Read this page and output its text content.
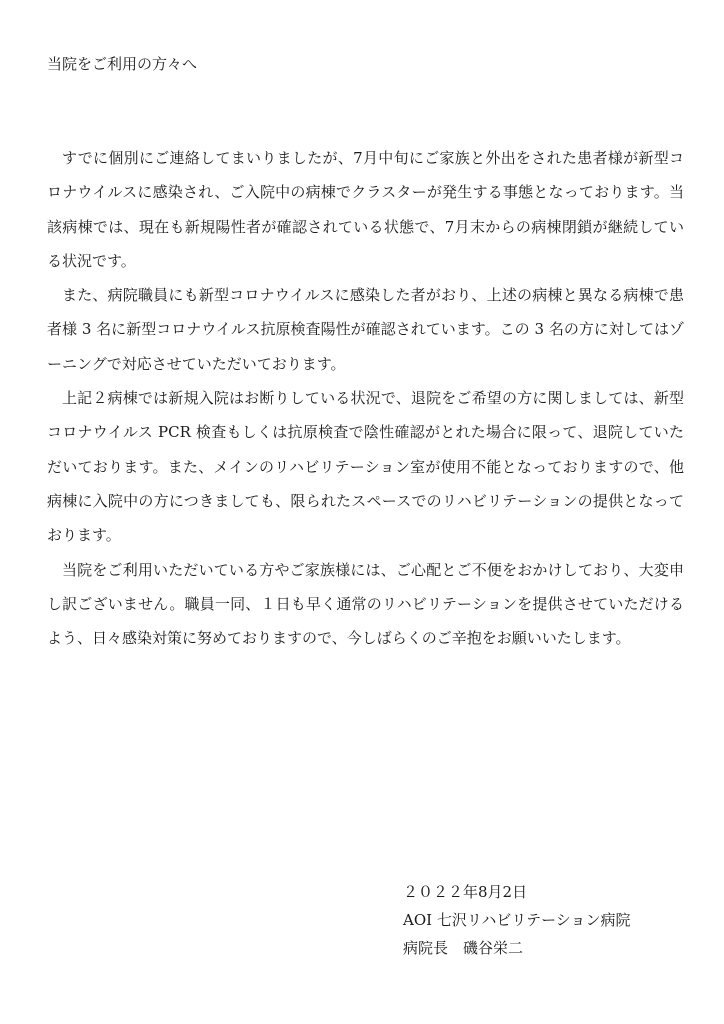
当院をご利用の方々へ

すでに個別にご連絡してまいりましたが、7月中旬にご家族と外出をされた患者様が新型コロナウイルスに感染され、ご入院中の病棟でクラスターが発生する事態となっております。当該病棟では、現在も新規陽性者が確認されている状態で、7月末からの病棟閉鎖が継続している状況です。

また、病院職員にも新型コロナウイルスに感染した者がおり、上述の病棟と異なる病棟で患者様 3 名に新型コロナウイルス抗原検査陽性が確認されています。この 3 名の方に対してはゾーニングで対応させていただいております。

上記２病棟では新規入院はお断りしている状況で、退院をご希望の方に関しましては、新型コロナウイルス PCR 検査もしくは抗原検査で陰性確認がとれた場合に限って、退院していただいております。また、メインのリハビリテーション室が使用不能となっておりますので、他病棟に入院中の方につきましても、限られたスペースでのリハビリテーションの提供となっております。

当院をご利用いただいている方やご家族様には、ご心配とご不便をおかけしており、大変申し訳ございません。職員一同、１日も早く通常のリハビリテーションを提供させていただけるよう、日々感染対策に努めておりますので、今しばらくのご辛抱をお願いいたします。

２０２２年8月2日

AOI 七沢リハビリテーション病院

病院長　磯谷栄二
